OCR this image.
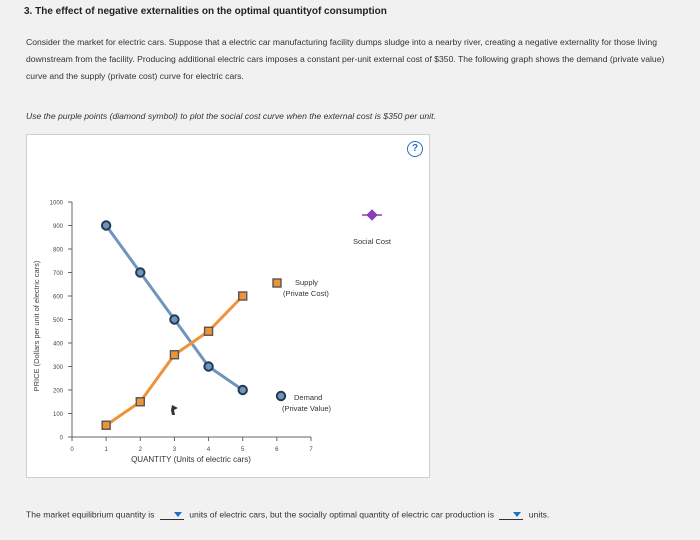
3. The effect of negative externalities on the optimal quantityof consumption
Consider the market for electric cars. Suppose that a electric car manufacturing facility dumps sludge into a nearby river, creating a negative externality for those living downstream from the facility. Producing additional electric cars imposes a constant per-unit external cost of $350. The following graph shows the demand (private value) curve and the supply (private cost) curve for electric cars.
Use the purple points (diamond symbol) to plot the social cost curve when the external cost is $350 per unit.
?
PRICE (Dollars per unit of electric cars)
QUANTITY (Units of electric cars)
Supply
(Private Cost)
Demand
(Private Value)
Social Cost
0
100
200
300
400
500
600
700
800
900
1000
0	1	2	3	4	5	6	7
The market equilibrium quantity is	units of electric cars, but the socially optimal quantity of electric car production is	units.
